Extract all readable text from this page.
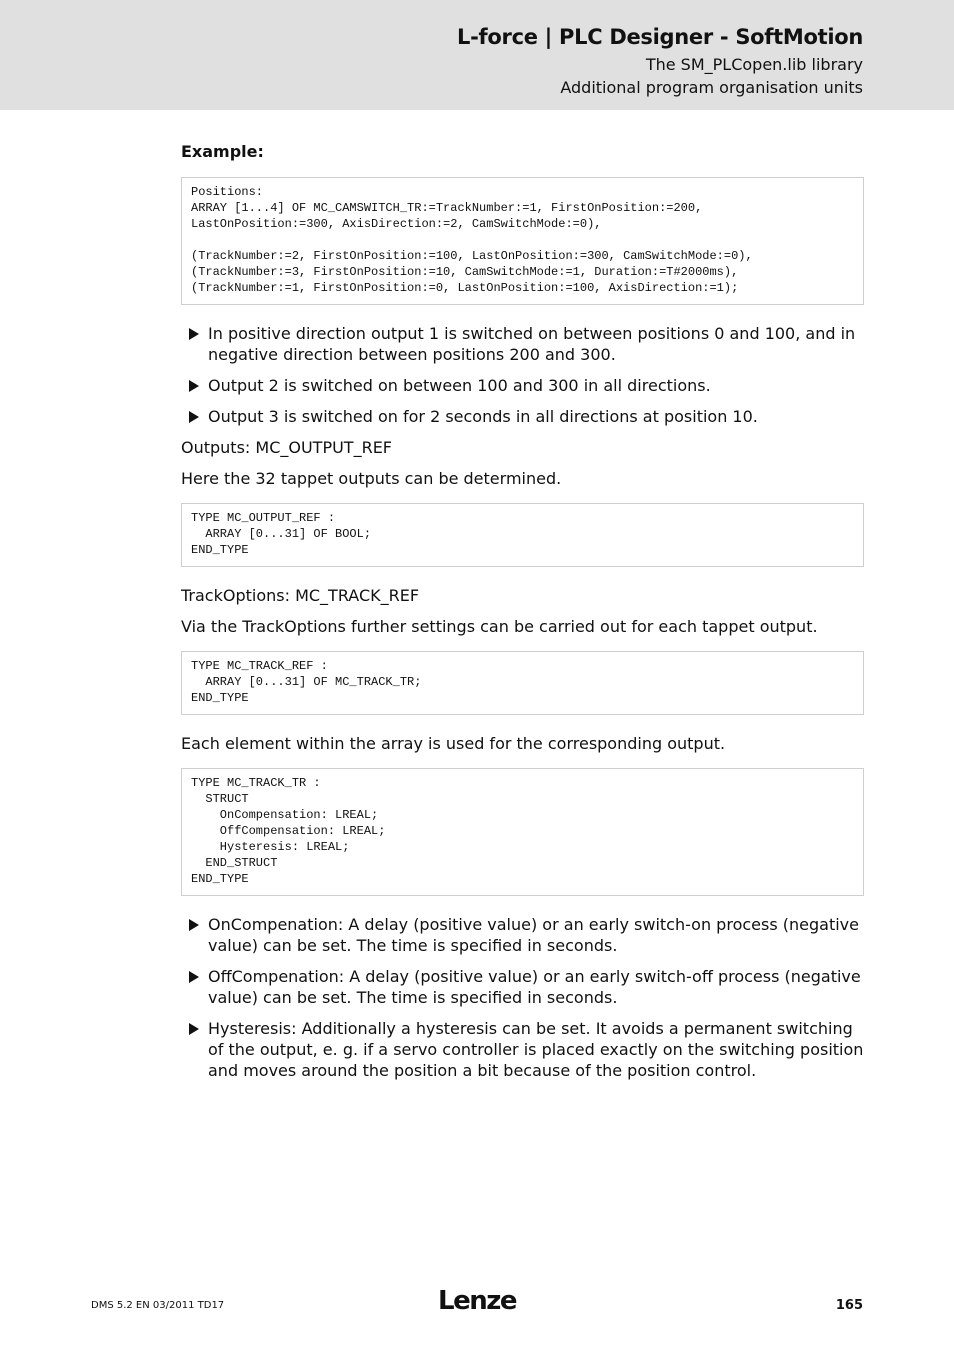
L-force | PLC Designer - SoftMotion
The SM_PLCopen.lib library
Additional program organisation units
Example:
Positions:
ARRAY [1...4] OF MC_CAMSWITCH_TR:=TrackNumber:=1, FirstOnPosition:=200,
LastOnPosition:=300, AxisDirection:=2, CamSwitchMode:=0),

(TrackNumber:=2, FirstOnPosition:=100, LastOnPosition:=300, CamSwitchMode:=0),
(TrackNumber:=3, FirstOnPosition:=10, CamSwitchMode:=1, Duration:=T#2000ms),
(TrackNumber:=1, FirstOnPosition:=0, LastOnPosition:=100, AxisDirection:=1);
In positive direction output 1 is switched on between positions 0 and 100, and in negative direction between positions 200 and 300.
Output 2 is switched on between 100 and 300 in all directions.
Output 3 is switched on for 2 seconds in all directions at position 10.
Outputs: MC_OUTPUT_REF
Here the 32 tappet outputs can be determined.
TYPE MC_OUTPUT_REF :
ARRAY [0...31] OF BOOL;
END_TYPE
TrackOptions: MC_TRACK_REF
Via the TrackOptions further settings can be carried out for each tappet output.
TYPE MC_TRACK_REF :
ARRAY [0...31] OF MC_TRACK_TR;
END_TYPE
Each element within the array is used for the corresponding output.
TYPE MC_TRACK_TR :
STRUCT
OnCompensation: LREAL;
OffCompensation: LREAL;
Hysteresis: LREAL;
END_STRUCT
END_TYPE
OnCompenation: A delay (positive value) or an early switch-on process (negative value) can be set. The time is specified in seconds.
OffCompenation: A delay (positive value) or an early switch-off process (negative value) can be set. The time is specified in seconds.
Hysteresis: Additionally a hysteresis can be set. It avoids a permanent switching of the output, e. g. if a servo controller is placed exactly on the switching position and moves around the position a bit because of the position control.
DMS 5.2 EN 03/2011 TD17	Lenze	165
